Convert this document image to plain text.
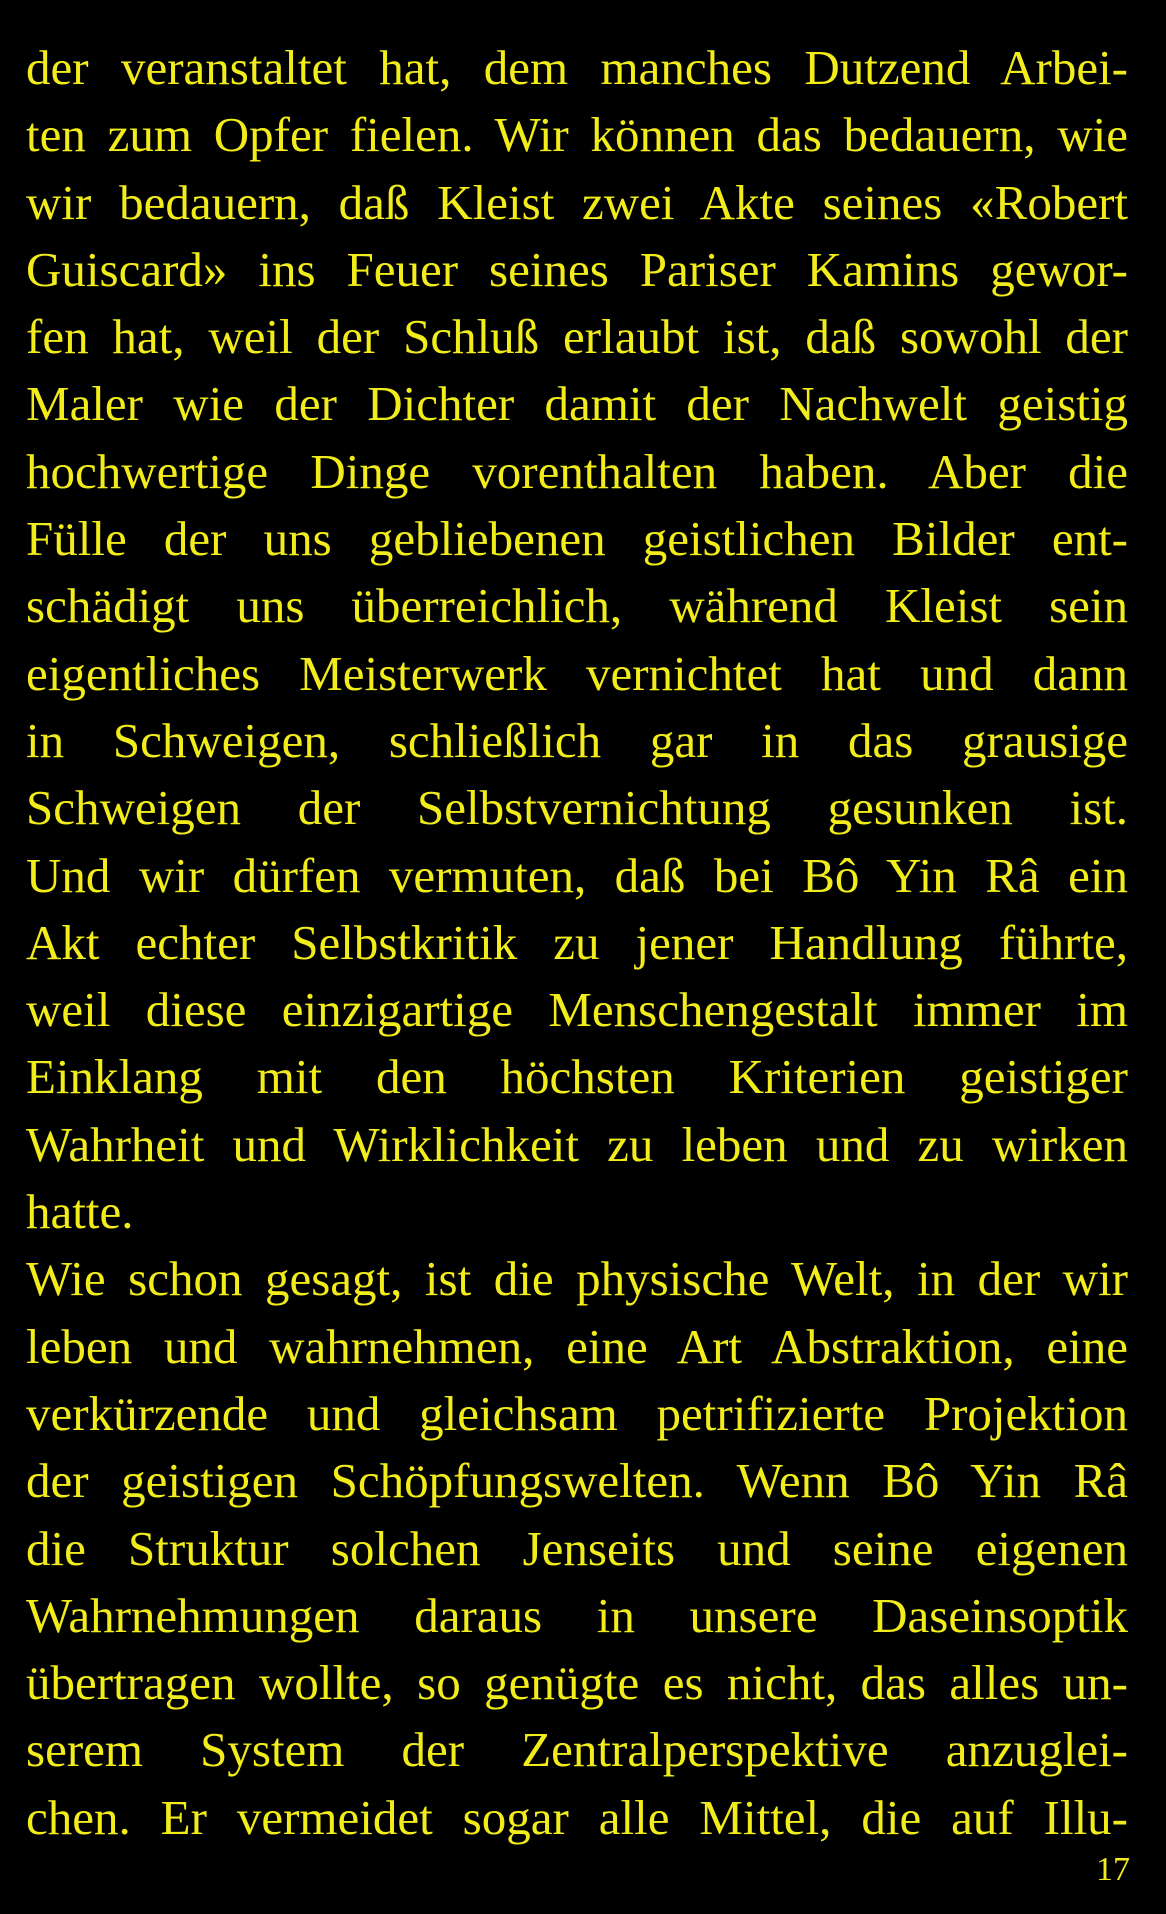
der veranstaltet hat, dem manches Dutzend Arbei-
ten zum Opfer fielen. Wir können das bedauern, wie
wir bedauern, daß Kleist zwei Akte seines «Robert
Guiscard» ins Feuer seines Pariser Kamins gewor-
fen hat, weil der Schluß erlaubt ist, daß sowohl der
Maler wie der Dichter damit der Nachwelt geistig
hochwertige Dinge vorenthalten haben. Aber die
Fülle der uns gebliebenen geistlichen Bilder ent-
schädigt uns überreichlich, während Kleist sein
eigentliches Meisterwerk vernichtet hat und dann
in Schweigen, schließlich gar in das grausige
Schweigen der Selbstvernichtung gesunken ist.
Und wir dürfen vermuten, daß bei Bô Yin Râ ein
Akt echter Selbstkritik zu jener Handlung führte,
weil diese einzigartige Menschengestalt immer im
Einklang mit den höchsten Kriterien geistiger
Wahrheit und Wirklichkeit zu leben und zu wirken
hatte.
Wie schon gesagt, ist die physische Welt, in der wir
leben und wahrnehmen, eine Art Abstraktion, eine
verkürzende und gleichsam petrifizierte Projektion
der geistigen Schöpfungswelten. Wenn Bô Yin Râ
die Struktur solchen Jenseits und seine eigenen
Wahrnehmungen daraus in unsere Daseinsoptik
übertragen wollte, so genügte es nicht, das alles un-
serem System der Zentralperspektive anzuglei-
chen. Er vermeidet sogar alle Mittel, die auf Illu-
17
